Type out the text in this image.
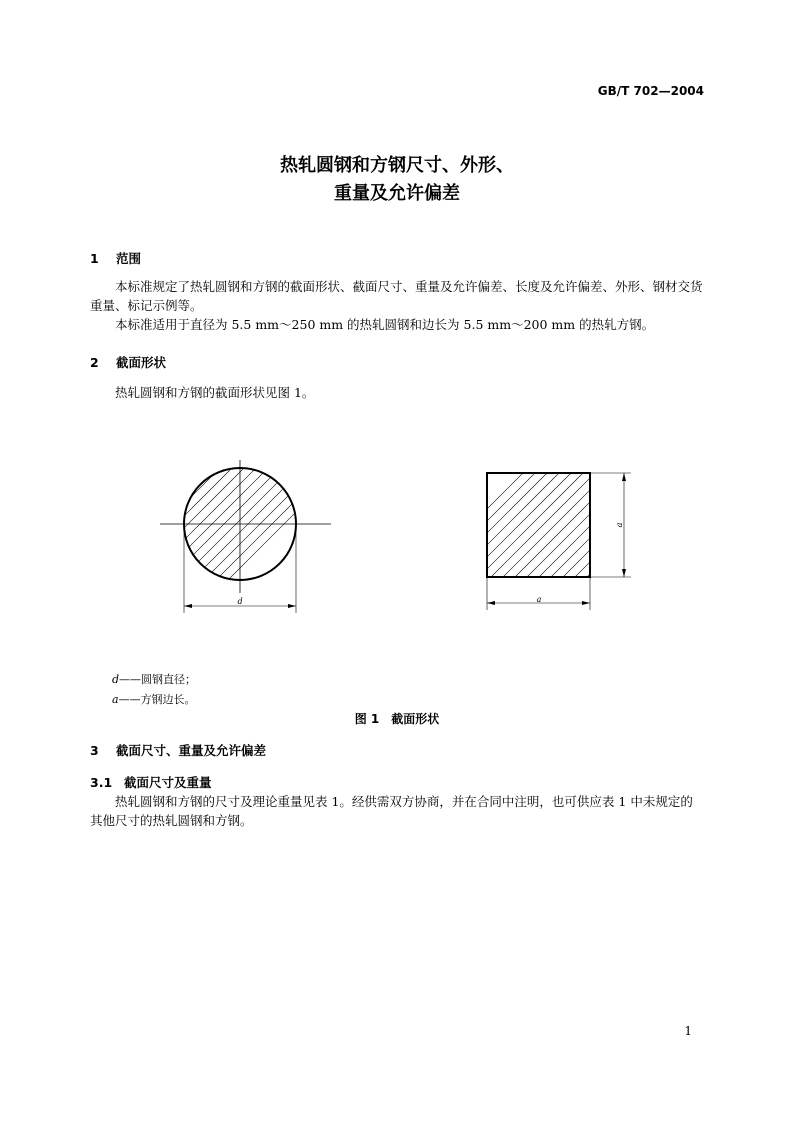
GB/T 702—2004
热轧圆钢和方钢尺寸、外形、
重量及允许偏差
1 范围
本标准规定了热轧圆钢和方钢的截面形状、截面尺寸、重量及允许偏差、长度及允许偏差、外形、钢材交货重量、标记示例等。
本标准适用于直径为 5.5 mm～250 mm 的热轧圆钢和边长为 5.5 mm～200 mm 的热轧方钢。
2 截面形状
热轧圆钢和方钢的截面形状见图 1。
d	a
a
d——圆钢直径；
a——方钢边长。
图 1　截面形状
3 截面尺寸、重量及允许偏差
3.1 截面尺寸及重量
热轧圆钢和方钢的尺寸及理论重量见表 1。经供需双方协商，并在合同中注明，也可供应表 1 中未规定的其他尺寸的热轧圆钢和方钢。
1
